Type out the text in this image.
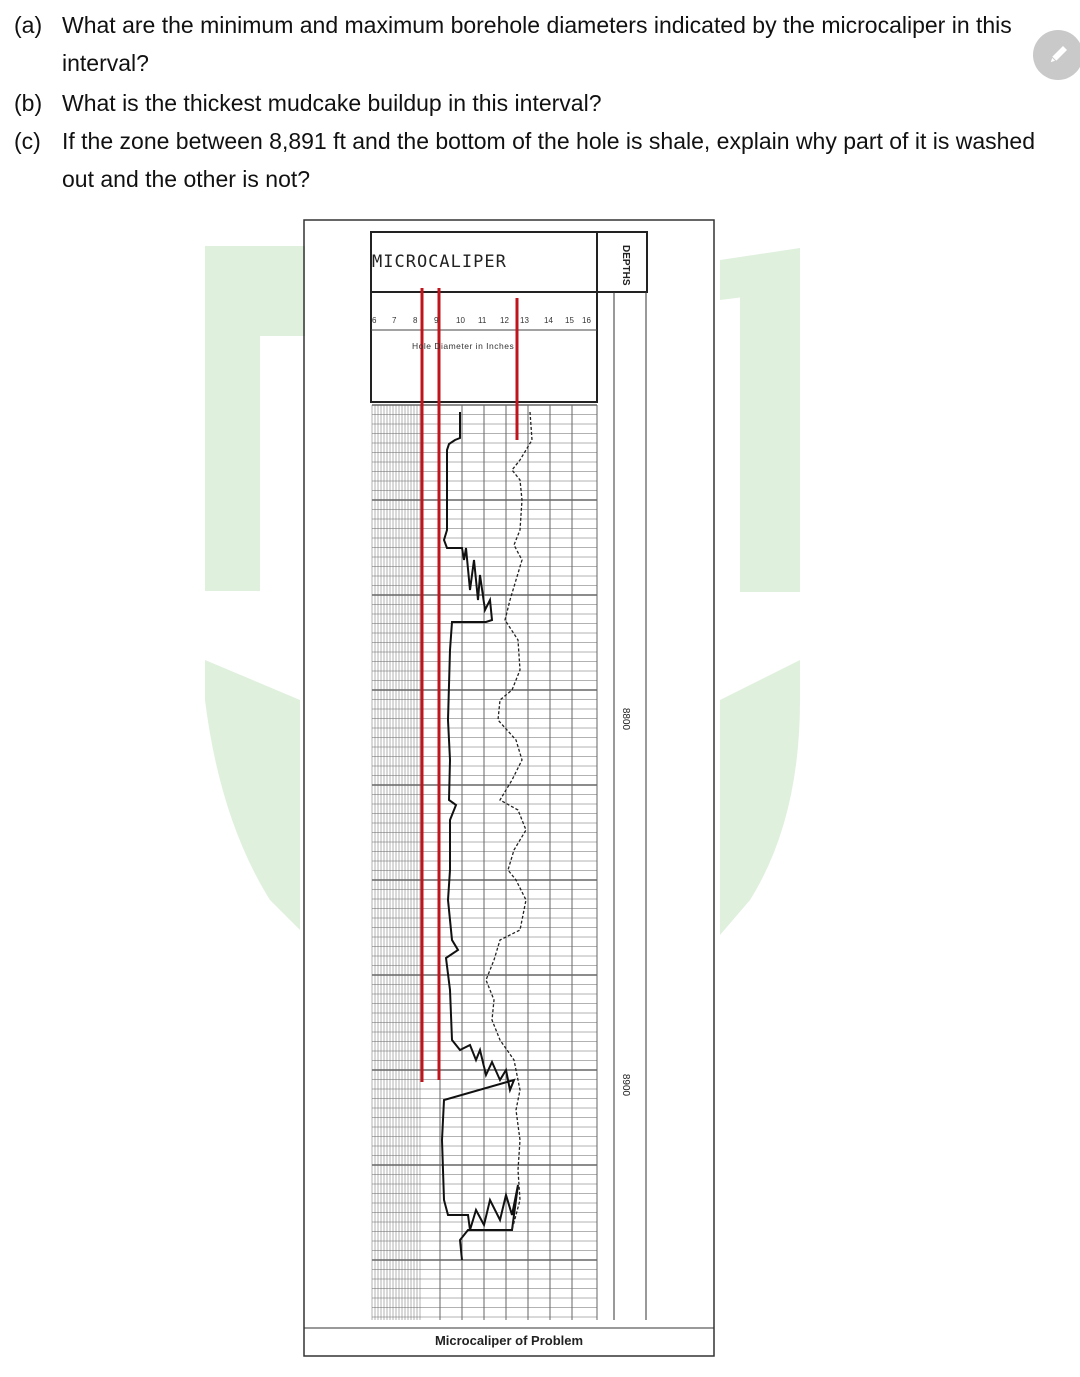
(a) What are the minimum and maximum borehole diameters indicated by the microcaliper in this interval?
(b) What is the thickest mudcake buildup in this interval?
(c) If the zone between 8,891 ft and the bottom of the hole is shale, explain why part of it is washed out and the other is not?
MICROCALIPER	DEPTHS
8800
8900
6 7 8 9 10 11 12 13 14 15 16
Hole Diameter in Inches
Microcaliper of Problem
